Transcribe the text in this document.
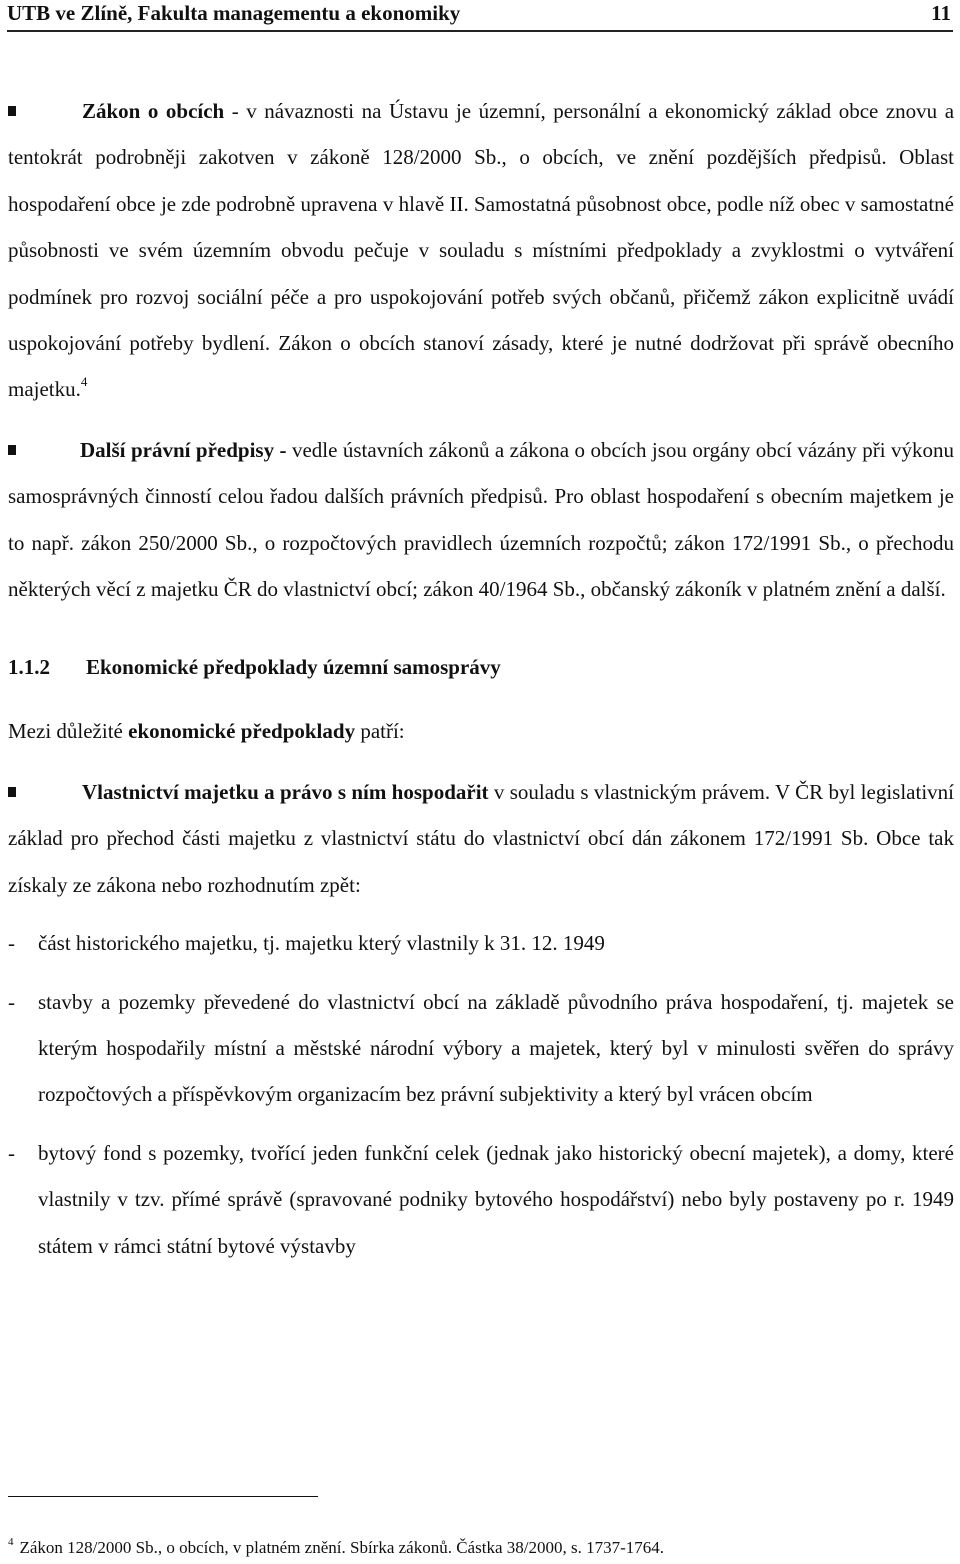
UTB ve Zlíně, Fakulta managementu a ekonomiky	11

Zákon o obcích - v návaznosti na Ústavu je územní, personální a ekonomický základ obce znovu a tentokrát podrobněji zakotven v zákoně 128/2000 Sb., o obcích, ve znění pozdějších předpisů. Oblast hospodaření obce je zde podrobně upravena v hlavě II. Samostatná působnost obce, podle níž obec v samostatné působnosti ve svém územním obvodu pečuje v souladu s místními předpoklady a zvyklostmi o vytváření podmínek pro rozvoj sociální péče a pro uspokojování potřeb svých občanů, přičemž zákon explicitně uvádí uspokojování potřeby bydlení. Zákon o obcích stanoví zásady, které je nutné dodržovat při správě obecního majetku.$^4$

Další právní předpisy - vedle ústavních zákonů a zákona o obcích jsou orgány obcí vázány při výkonu samosprávných činností celou řadou dalších právních předpisů. Pro oblast hospodaření s obecním majetkem je to např. zákon 250/2000 Sb., o rozpočtových pravidlech územních rozpočtů; zákon 172/1991 Sb., o přechodu některých věcí z majetku ČR do vlastnictví obcí; zákon 40/1964 Sb., občanský zákoník v platném znění a další.

1.1.2 Ekonomické předpoklady územní samosprávy

Mezi důležité ekonomické předpoklady patří:

Vlastnictví majetku a právo s ním hospodařit v souladu s vlastnickým právem. V ČR byl legislativní základ pro přechod části majetku z vlastnictví státu do vlastnictví obcí dán zákonem 172/1991 Sb. Obce tak získaly ze zákona nebo rozhodnutím zpět:

- část historického majetku, tj. majetku který vlastnily k 31. 12. 1949
- stavby a pozemky převedené do vlastnictví obcí na základě původního práva hospodaření, tj. majetek se kterým hospodařily místní a městské národní výbory a majetek, který byl v minulosti svěřen do správy rozpočtových a příspěvkovým organizacím bez právní subjektivity a který byl vrácen obcím
- bytový fond s pozemky, tvořící jeden funkční celek (jednak jako historický obecní majetek), a domy, které vlastnily v tzv. přímé správě (spravované podniky bytového hospodářství) nebo byly postaveny po r. 1949 státem v rámci státní bytové výstavby
$^4$ Zákon 128/2000 Sb., o obcích, v platném znění. Sbírka zákonů. Částka 38/2000, s. 1737-1764.
